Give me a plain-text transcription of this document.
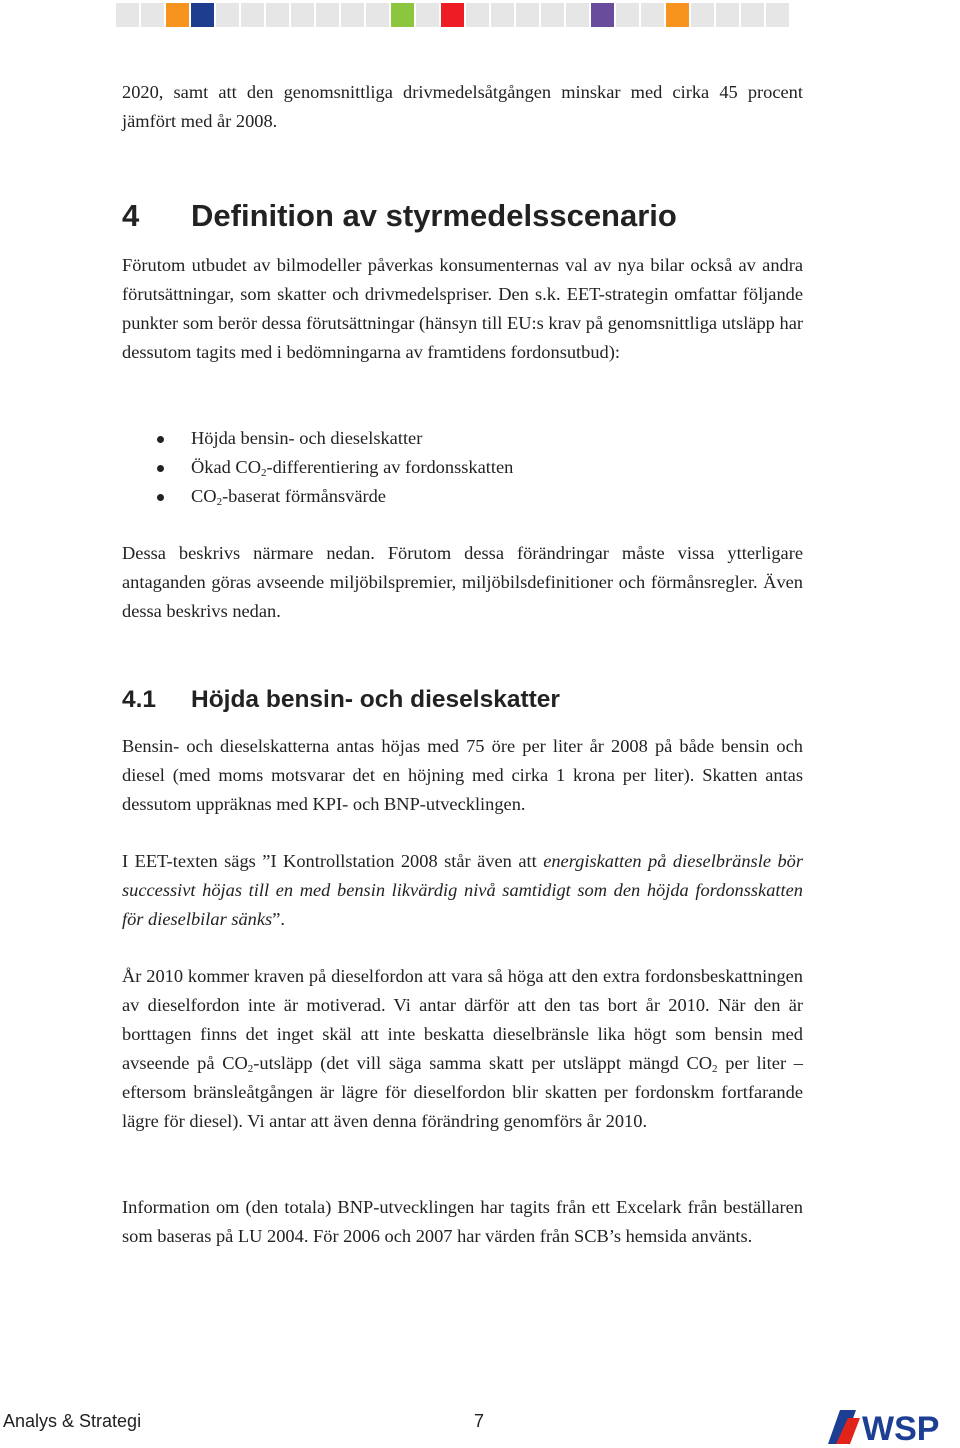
2020, samt att den genomsnittliga drivmedelsåtgången minskar med cirka 45 procent jämfört med år 2008.

4 Definition av styrmedelsscenario

Förutom utbudet av bilmodeller påverkas konsumenternas val av nya bilar också av andra förutsättningar, som skatter och drivmedelspriser. Den s.k. EET-strategin omfattar följande punkter som berör dessa förutsättningar (hänsyn till EU:s krav på genomsnittliga utsläpp har dessutom tagits med i bedömningarna av framtidens fordonsutbud):

Höjda bensin- och dieselskatter
Ökad $CO_2$-differentiering av fordonsskatten
$CO_2$-baserat förmånsvärde

Dessa beskrivs närmare nedan. Förutom dessa förändringar måste vissa ytterligare antaganden göras avseende miljöbilspremier, miljöbilsdefinitioner och förmånsregler. Även dessa beskrivs nedan.

4.1 Höjda bensin- och dieselskatter

Bensin- och dieselskatterna antas höjas med 75 öre per liter år 2008 på både bensin och diesel (med moms motsvarar det en höjning med cirka 1 krona per liter). Skatten antas dessutom uppräknas med KPI- och BNP-utvecklingen.

I EET-texten sägs ”I Kontrollstation 2008 står även att energiskatten på dieselbränsle bör successivt höjas till en med bensin likvärdig nivå samtidigt som den höjda fordonsskatten för dieselbilar sänks”.

År 2010 kommer kraven på dieselfordon att vara så höga att den extra fordonsbeskattningen av dieselfordon inte är motiverad. Vi antar därför att den tas bort år 2010. När den är borttagen finns det inget skäl att inte beskatta dieselbränsle lika högt som bensin med avseende på $CO_2$-utsläpp (det vill säga samma skatt per utsläppt mängd $CO_2$ per liter – eftersom bränsleåtgången är lägre för dieselfordon blir skatten per fordonskm fortfarande lägre för diesel). Vi antar att även denna förändring genomförs år 2010.

Information om (den totala) BNP-utvecklingen har tagits från ett Excelark från beställaren som baseras på LU 2004. För 2006 och 2007 har värden från SCB’s hemsida använts.

Analys & Strategi	7	WSP
